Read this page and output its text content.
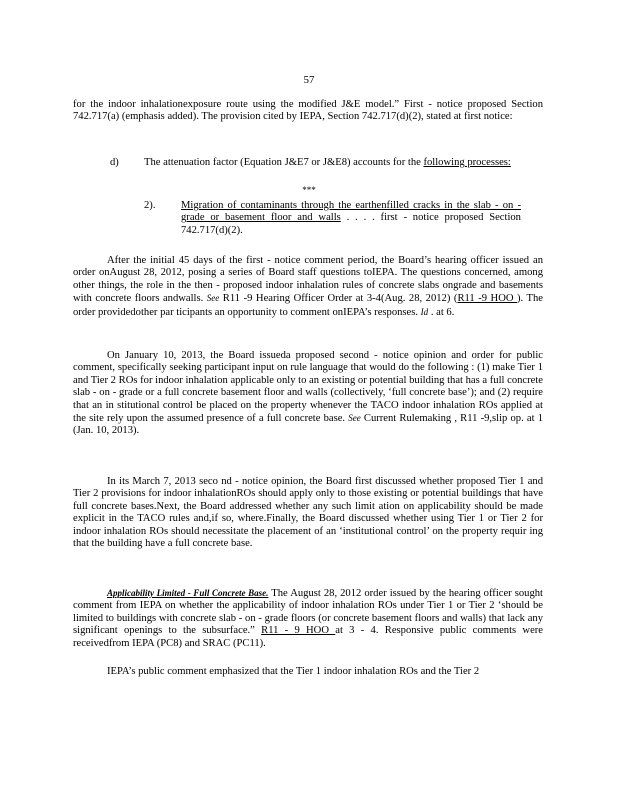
57
for the indoor inhalationexposure route using the modified J&E model.” First - notice proposed Section 742.717(a) (emphasis added). The provision cited by IEPA, Section 742.717(d)(2), stated at first notice:
d) The attenuation factor (Equation J&E7 or J&E8) accounts for the following processes:
***
2). Migration of contaminants through the earthenfilled cracks in the slab - on - grade or basement floor and walls . . . . first - notice proposed Section 742.717(d)(2).
After the initial 45 days of the first - notice comment period, the Board’s hearing officer issued an order onAugust 28, 2012, posing a series of Board staff questions toIEPA. The questions concerned, among other things, the role in the then - proposed indoor inhalation rules of concrete slabs ongrade and basements with concrete floors andwalls. See R11 -9 Hearing Officer Order at 3-4(Aug. 28, 2012) (R11 -9 HOO ). The order providedother par ticipants an opportunity to comment onIEPA’s responses. Id . at 6.
On January 10, 2013, the Board issueda proposed second - notice opinion and order for public comment, specifically seeking participant input on rule language that would do the following : (1) make Tier 1 and Tier 2 ROs for indoor inhalation applicable only to an existing or potential building that has a full concrete slab - on - grade or a full concrete basement floor and walls (collectively, ‘full concrete base’); and (2) require that an in stitutional control be placed on the property whenever the TACO indoor inhalation ROs applied at the site rely upon the assumed presence of a full concrete base. See Current Rulemaking , R11 -9,slip op. at 1 (Jan. 10, 2013).
In its March 7, 2013 seco nd - notice opinion, the Board first discussed whether proposed Tier 1 and Tier 2 provisions for indoor inhalationROs should apply only to those existing or potential buildings that have full concrete bases.Next, the Board addressed whether any such limit ation on applicability should be made explicit in the TACO rules and,if so, where.Finally, the Board discussed whether using Tier 1 or Tier 2 for indoor inhalation ROs should necessitate the placement of an ‘institutional control’ on the property requir ing that the building have a full concrete base.
Applicability Limited - Full Concrete Base. The August 28, 2012 order issued by the hearing officer sought comment from IEPA on whether the applicability of indoor inhalation ROs under Tier 1 or Tier 2 ‘should be limited to buildings with concrete slab - on - grade floors (or concrete basement floors and walls) that lack any significant openings to the subsurface.” R11 - 9 HOO at 3 - 4. Responsive public comments were receivedfrom IEPA (PC8) and SRAC (PC11).
IEPA’s public comment emphasized that the Tier 1 indoor inhalation ROs and the Tier 2
